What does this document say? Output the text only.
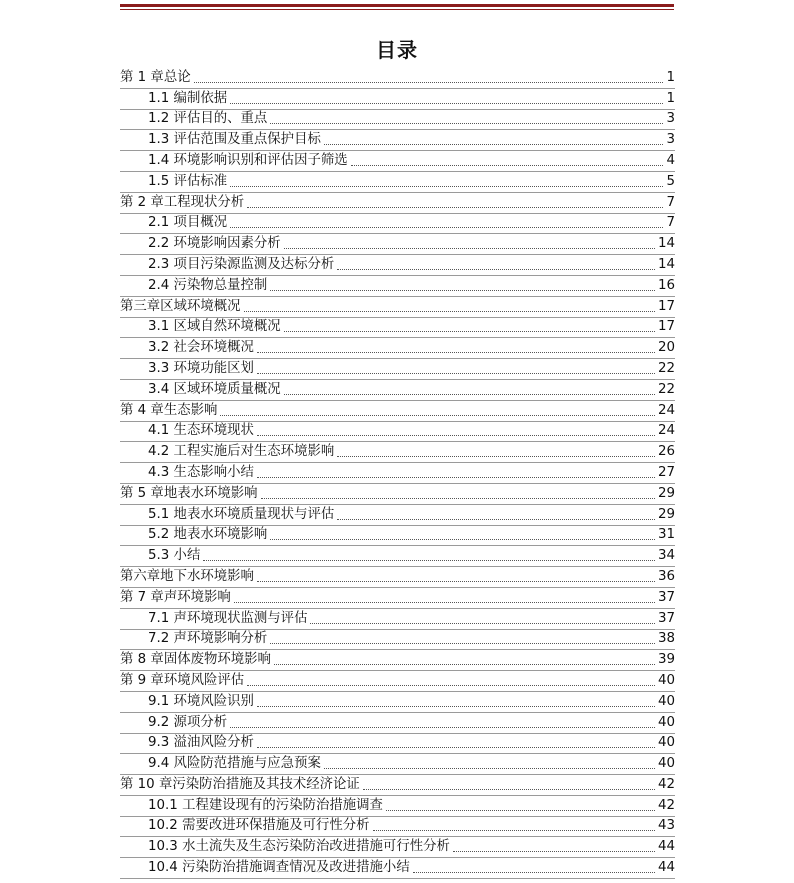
目录
第 1 章总论	1
1.1 编制依据	1
1.2 评估目的、重点	3
1.3 评估范围及重点保护目标	3
1.4 环境影响识别和评估因子筛选	4
1.5 评估标准	5
第 2 章工程现状分析	7
2.1 项目概况	7
2.2 环境影响因素分析	14
2.3 项目污染源监测及达标分析	14
2.4 污染物总量控制	16
第三章区域环境概况	17
3.1 区域自然环境概况	17
3.2 社会环境概况	20
3.3 环境功能区划	22
3.4 区域环境质量概况	22
第 4 章生态影响	24
4.1 生态环境现状	24
4.2 工程实施后对生态环境影响	26
4.3 生态影响小结	27
第 5 章地表水环境影响	29
5.1 地表水环境质量现状与评估	29
5.2 地表水环境影响	31
5.3 小结	34
第六章地下水环境影响	36
第 7 章声环境影响	37
7.1 声环境现状监测与评估	37
7.2 声环境影响分析	38
第 8 章固体废物环境影响	39
第 9 章环境风险评估	40
9.1 环境风险识别	40
9.2 源项分析	40
9.3 溢油风险分析	40
9.4 风险防范措施与应急预案	40
第 10 章污染防治措施及其技术经济论证	42
10.1 工程建设现有的污染防治措施调查	42
10.2 需要改进环保措施及可行性分析	43
10.3 水土流失及生态污染防治改进措施可行性分析	44
10.4 污染防治措施调查情况及改进措施小结	44
